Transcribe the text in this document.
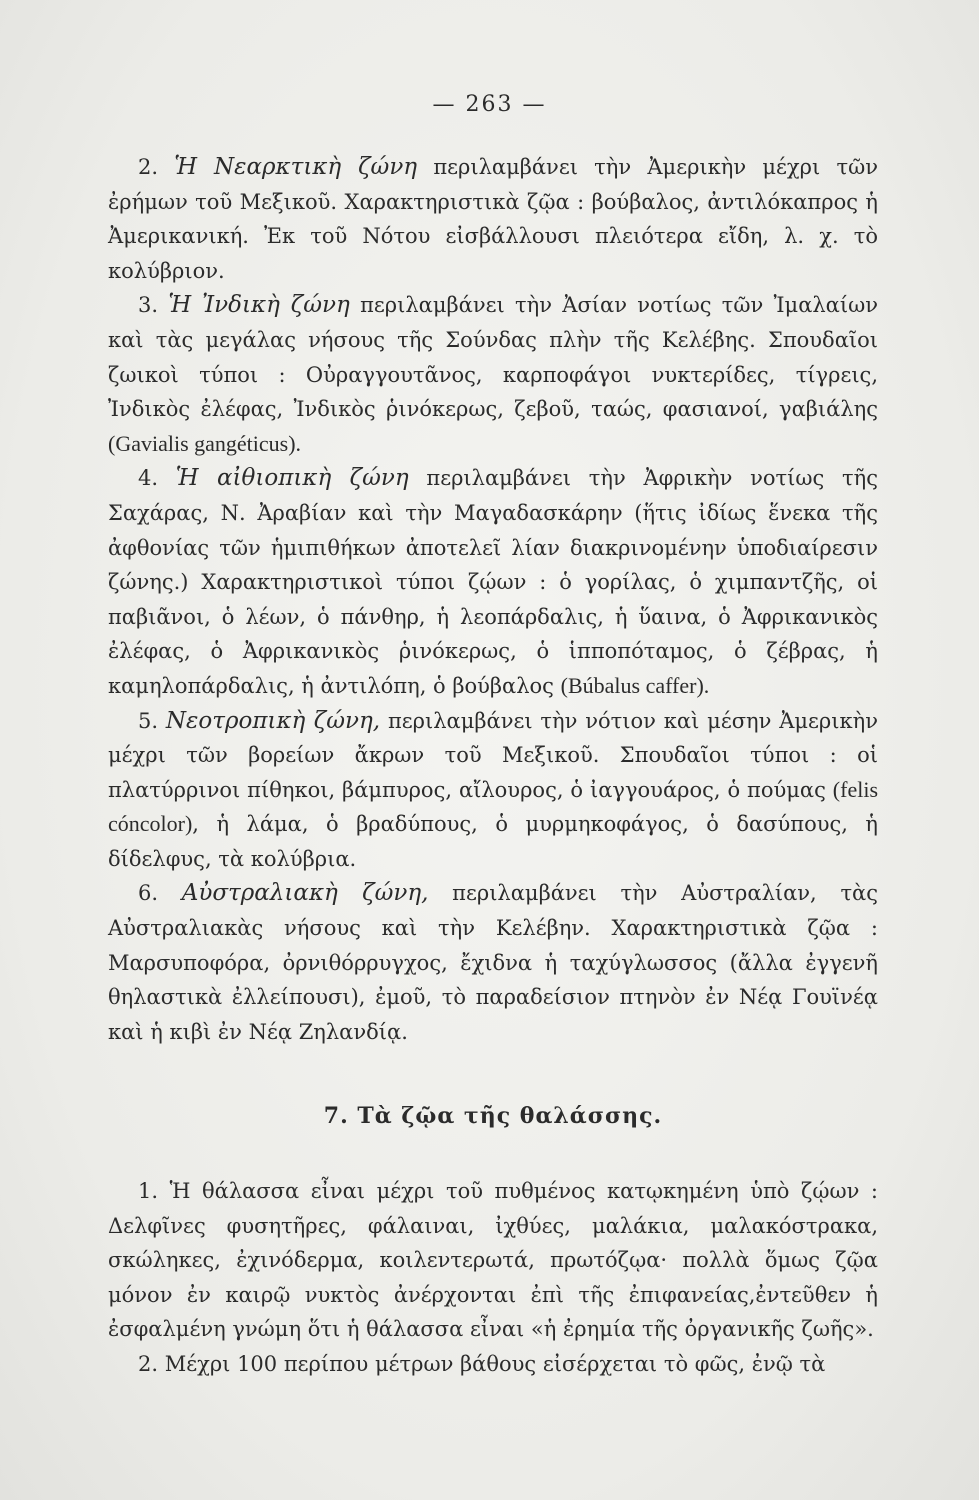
— 263 —

2. Ἡ Νεαρκτικὴ ζώνη περιλαμβάνει τὴν Ἀμερικὴν μέχρι τῶν ἐρήμων τοῦ Μεξικοῦ. Χαρακτηριστικὰ ζῷα : βούβαλος, ἀντιλόκαπρος ἡ Ἀμερικανική. Ἐκ τοῦ Νότου εἰσβάλλουσι πλειότερα εἴδη, λ. χ. τὸ κολύβριον.

3. Ἡ Ἰνδικὴ ζώνη περιλαμβάνει τὴν Ἀσίαν νοτίως τῶν Ἰμαλαίων καὶ τὰς μεγάλας νήσους τῆς Σούνδας πλὴν τῆς Κελέβης. Σπουδαῖοι ζωικοὶ τύποι : Οὐραγγουτᾶνος, καρποφάγοι νυκτερίδες, τίγρεις, Ἰνδικὸς ἐλέφας, Ἰνδικὸς ῥινόκερως, ζεβοῦ, ταώς, φασιανοί, γαβιάλης (Gavialis gangéticus).

4. Ἡ αἰθιοπικὴ ζώνη περιλαμβάνει τὴν Ἀφρικὴν νοτίως τῆς Σαχάρας, Ν. Ἀραβίαν καὶ τὴν Μαγαδασκάρην (ἥτις ἰδίως ἕνεκα τῆς ἀφθονίας τῶν ἡμιπιθήκων ἀποτελεῖ λίαν διακρινομένην ὑποδιαίρεσιν ζώνης.) Χαρακτηριστικοὶ τύποι ζῴων : ὁ γορίλας, ὁ χιμπαντζῆς, οἱ παβιᾶνοι, ὁ λέων, ὁ πάνθηρ, ἡ λεοπάρδαλις, ἡ ὕαινα, ὁ Ἀφρικανικὸς ἐλέφας, ὁ Ἀφρικανικὸς ῥινόκερως, ὁ ἱπποπόταμος, ὁ ζέβρας, ἡ καμηλοπάρδαλις, ἡ ἀντιλόπη, ὁ βούβαλος (Búbalus caffer).

5. Νεοτροπικὴ ζώνη, περιλαμβάνει τὴν νότιον καὶ μέσην Ἀμερικὴν μέχρι τῶν βορείων ἄκρων τοῦ Μεξικοῦ. Σπουδαῖοι τύποι : οἱ πλατύρρινοι πίθηκοι, βάμπυρος, αἴλουρος, ὁ ἰαγγουάρος, ὁ πούμας (felis cóncolor), ἡ λάμα, ὁ βραδύπους, ὁ μυρμηκοφάγος, ὁ δασύπους, ἡ δίδελφυς, τὰ κολύβρια.

6. Αὐστραλιακὴ ζώνη, περιλαμβάνει τὴν Αὐστραλίαν, τὰς Αὐστραλιακὰς νήσους καὶ τὴν Κελέβην. Χαρακτηριστικὰ ζῷα : Μαρσυποφόρα, ὀρνιθόρρυγχος, ἔχιδνα ἡ ταχύγλωσσος (ἄλλα ἐγγενῆ θηλαστικὰ ἐλλείπουσι), ἐμοῦ, τὸ παραδείσιον πτηνὸν ἐν Νέᾳ Γουϊνέᾳ καὶ ἡ κιβὶ ἐν Νέᾳ Ζηλανδίᾳ.

7. Τὰ ζῷα τῆς θαλάσσης.

1. Ἡ θάλασσα εἶναι μέχρι τοῦ πυθμένος κατῳκημένη ὑπὸ ζῴων : Δελφῖνες φυσητῆρες, φάλαιναι, ἰχθύες, μαλάκια, μαλακόστρακα, σκώληκες, ἐχινόδερμα, κοιλεντερωτά, πρωτόζῳα· πολλὰ ὅμως ζῷα μόνον ἐν καιρῷ νυκτὸς ἀνέρχονται ἐπὶ τῆς ἐπιφανείας,ἐντεῦθεν ἡ ἐσφαλμένη γνώμη ὅτι ἡ θάλασσα εἶναι «ἡ ἐρημία τῆς ὀργανικῆς ζωῆς».

2. Μέχρι 100 περίπου μέτρων βάθους εἰσέρχεται τὸ φῶς, ἐνῷ τὰ
